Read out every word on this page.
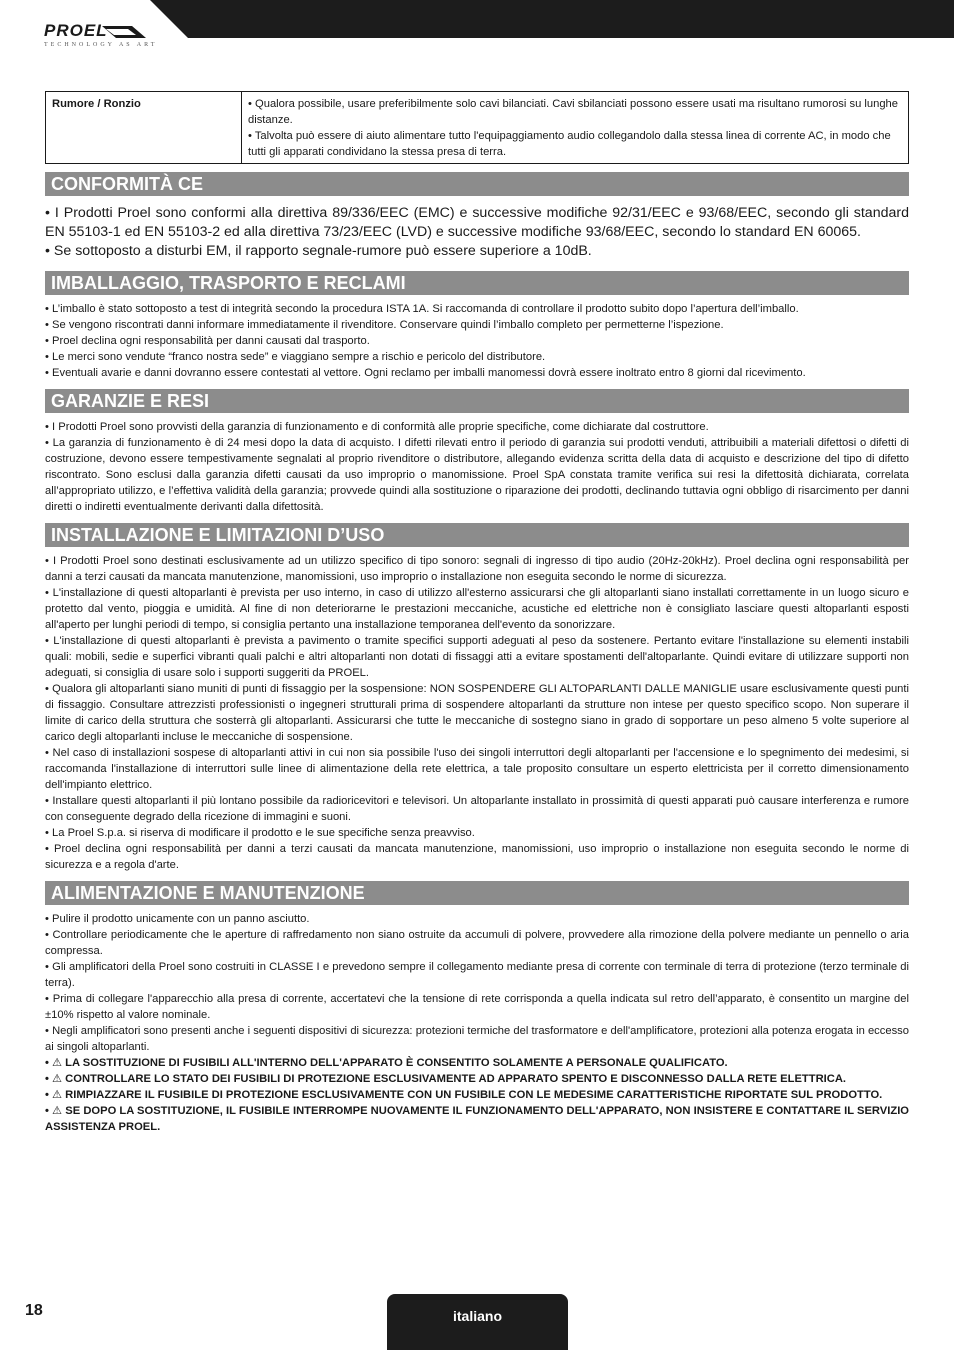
PROEL
TECHNOLOGY AS ART
Rumore / Ronzio	• Qualora possibile, usare preferibilmente solo cavi bilanciati. Cavi sbilanciati possono essere usati ma risultano rumorosi su lunghe distanze.

• Talvolta può essere di aiuto alimentare tutto l'equipaggiamento audio collegandolo dalla stessa linea di corrente AC, in modo che tutti gli apparati condividano la stessa presa di terra.

CONFORMITÀ CE

• I Prodotti Proel sono conformi alla direttiva 89/336/EEC (EMC) e successive modifiche 92/31/EEC e 93/68/EEC, secondo gli standard EN 55103-1 ed EN 55103-2 ed alla direttiva 73/23/EEC (LVD) e successive modifiche 93/68/EEC, secondo lo standard EN 60065.

• Se sottoposto a disturbi EM, il rapporto segnale-rumore può essere superiore a 10dB.

IMBALLAGGIO, TRASPORTO E RECLAMI

• L’imballo è stato sottoposto a test di integrità secondo la procedura ISTA 1A. Si raccomanda di controllare il prodotto subito dopo l’apertura dell’imballo.

• Se vengono riscontrati danni informare immediatamente il rivenditore. Conservare quindi l’imballo completo per permetterne l’ispezione.

• Proel declina ogni responsabilità per danni causati dal trasporto.

• Le merci sono vendute “franco nostra sede” e viaggiano sempre a rischio e pericolo del distributore.

• Eventuali avarie e danni dovranno essere contestati al vettore. Ogni reclamo per imballi manomessi dovrà essere inoltrato entro 8 giorni dal ricevimento.

GARANZIE E RESI

• I Prodotti Proel sono provvisti della garanzia di funzionamento e di conformità alle proprie specifiche, come dichiarate dal costruttore.

• La garanzia di funzionamento è di 24 mesi dopo la data di acquisto. I difetti rilevati entro il periodo di garanzia sui prodotti venduti, attribuibili a materiali difettosi o difetti di costruzione, devono essere tempestivamente segnalati al proprio rivenditore o distributore, allegando evidenza scritta della data di acquisto e descrizione del tipo di difetto riscontrato. Sono esclusi dalla garanzia difetti causati da uso improprio o manomissione. Proel SpA constata tramite verifica sui resi la difettosità dichiarata, correlata all’appropriato utilizzo, e l’effettiva validità della garanzia; provvede quindi alla sostituzione o riparazione dei prodotti, declinando tuttavia ogni obbligo di risarcimento per danni diretti o indiretti eventualmente derivanti dalla difettosità.

INSTALLAZIONE E LIMITAZIONI D’USO

• I Prodotti Proel sono destinati esclusivamente ad un utilizzo specifico di tipo sonoro: segnali di ingresso di tipo audio (20Hz-20kHz). Proel declina ogni responsabilità per danni a terzi causati da mancata manutenzione, manomissioni, uso improprio o installazione non eseguita secondo le norme di sicurezza.

• L'installazione di questi altoparlanti è prevista per uso interno, in caso di utilizzo all'esterno assicurarsi che gli altoparlanti siano installati correttamente in un luogo sicuro e protetto dal vento, pioggia e umidità. Al fine di non deteriorarne le prestazioni meccaniche, acustiche ed elettriche non è consigliato lasciare questi altoparlanti esposti all'aperto per lunghi periodi di tempo, si consiglia pertanto una installazione temporanea dell'evento da sonorizzare.

• L'installazione di questi altoparlanti è prevista a pavimento o tramite specifici supporti adeguati al peso da sostenere. Pertanto evitare l'installazione su elementi instabili quali: mobili, sedie e superfici vibranti quali palchi e altri altoparlanti non dotati di fissaggi atti a evitare spostamenti dell'altoparlante. Quindi evitare di utilizzare supporti non adeguati, si consiglia di usare solo i supporti suggeriti da PROEL.

• Qualora gli altoparlanti siano muniti di punti di fissaggio per la sospensione: NON SOSPENDERE GLI ALTOPARLANTI DALLE MANIGLIE usare esclusivamente questi punti di fissaggio. Consultare attrezzisti professionisti o ingegneri strutturali prima di sospendere altoparlanti da strutture non intese per questo specifico scopo. Non superare il limite di carico della struttura che sosterrà gli altoparlanti. Assicurarsi che tutte le meccaniche di sostegno siano in grado di sopportare un peso almeno 5 volte superiore al carico degli altoparlanti incluse le meccaniche di sospensione.

• Nel caso di installazioni sospese di altoparlanti attivi in cui non sia possibile l'uso dei singoli interruttori degli altoparlanti per l'accensione e lo spegnimento dei medesimi, si raccomanda l'installazione di interruttori sulle linee di alimentazione della rete elettrica, a tale proposito consultare un esperto elettricista per il corretto dimensionamento dell'impianto elettrico.

• Installare questi altoparlanti il più lontano possibile da radioricevitori e televisori. Un altoparlante installato in prossimità di questi apparati può causare interferenza e rumore con conseguente degrado della ricezione di immagini e suoni.

• La Proel S.p.a. si riserva di modificare il prodotto e le sue specifiche senza preavviso.

• Proel declina ogni responsabilità per danni a terzi causati da mancata manutenzione, manomissioni, uso improprio o installazione non eseguita secondo le norme di sicurezza e a regola d'arte.

ALIMENTAZIONE E MANUTENZIONE

• Pulire il prodotto unicamente con un panno asciutto.

• Controllare periodicamente che le aperture di raffredamento non siano ostruite da accumuli di polvere, provvedere alla rimozione della polvere mediante un pennello o aria compressa.

• Gli amplificatori della Proel sono costruiti in CLASSE I e prevedono sempre il collegamento mediante presa di corrente con terminale di terra di protezione (terzo terminale di terra).

• Prima di collegare l'apparecchio alla presa di corrente, accertatevi che la tensione di rete corrisponda a quella indicata sul retro dell’apparato, è consentito un margine del ±10% rispetto al valore nominale.

• Negli amplificatori sono presenti anche i seguenti dispositivi di sicurezza: protezioni termiche del trasformatore e dell'amplificatore, protezioni alla potenza erogata in eccesso ai singoli altoparlanti.

• ⚠ LA SOSTITUZIONE DI FUSIBILI ALL'INTERNO DELL'APPARATO È CONSENTITO SOLAMENTE A PERSONALE QUALIFICATO.

• ⚠ CONTROLLARE LO STATO DEI FUSIBILI DI PROTEZIONE ESCLUSIVAMENTE AD APPARATO SPENTO E DISCONNESSO DALLA RETE ELETTRICA.

• ⚠ RIMPIAZZARE IL FUSIBILE DI PROTEZIONE ESCLUSIVAMENTE CON UN FUSIBILE CON LE MEDESIME CARATTERISTICHE RIPORTATE SUL PRODOTTO.

• ⚠ SE DOPO LA SOSTITUZIONE, IL FUSIBILE INTERROMPE NUOVAMENTE IL FUNZIONAMENTO DELL'APPARATO, NON INSISTERE E CONTATTARE IL SERVIZIO ASSISTENZA PROEL.

18	italiano
